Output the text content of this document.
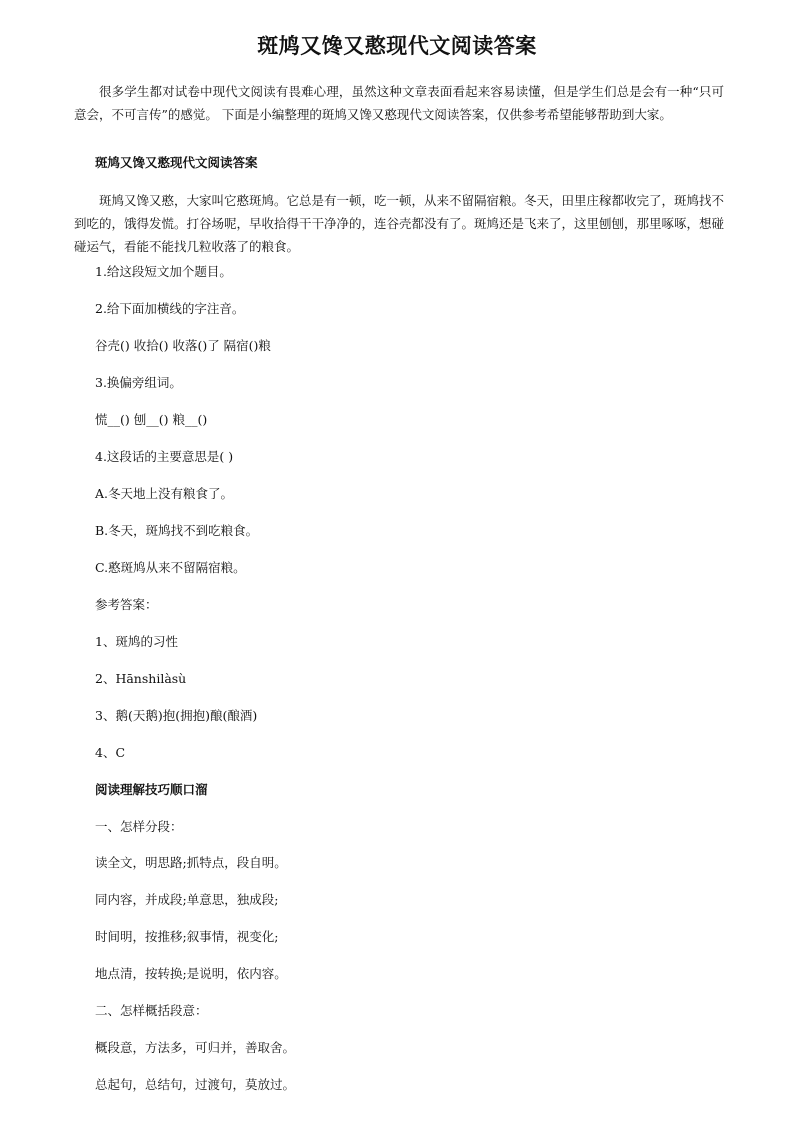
斑鸠又馋又憨现代文阅读答案

很多学生都对试卷中现代文阅读有畏难心理，虽然这种文章表面看起来容易读懂，但是学生们总是会有一种“只可意会，不可言传”的感觉。 下面是小编整理的斑鸠又馋又憨现代文阅读答案，仅供参考希望能够帮助到大家。

斑鸠又馋又憨现代文阅读答案

斑鸠又馋又憨，大家叫它憨斑鸠。它总是有一顿，吃一顿，从来不留隔宿粮。冬天，田里庄稼都收完了，斑鸠找不到吃的，饿得发慌。打谷场呢，早收拾得干干净净的，连谷壳都没有了。斑鸠还是飞来了，这里刨刨，那里啄啄，想碰碰运气，看能不能找几粒收落了的粮食。

1.给这段短文加个题目。

2.给下面加横线的字注音。

谷壳() 收拾() 收落()了 隔宿()粮

3.换偏旁组词。

慌__() 刨__() 粮__()

4.这段话的主要意思是( )

A.冬天地上没有粮食了。

B.冬天，斑鸠找不到吃粮食。

C.憨斑鸠从来不留隔宿粮。

参考答案：

1、斑鸠的习性

2、Hānshilàsù

3、鹅(天鹅)抱(拥抱)酿(酿酒)

4、C

阅读理解技巧顺口溜

一、怎样分段：

读全文，明思路;抓特点，段自明。

同内容，并成段;单意思，独成段;

时间明，按推移;叙事情，视变化;

地点清，按转换;是说明，依内容。

二、怎样概括段意：

概段意，方法多，可归并，善取舍。

总起句，总结句，过渡句，莫放过。
